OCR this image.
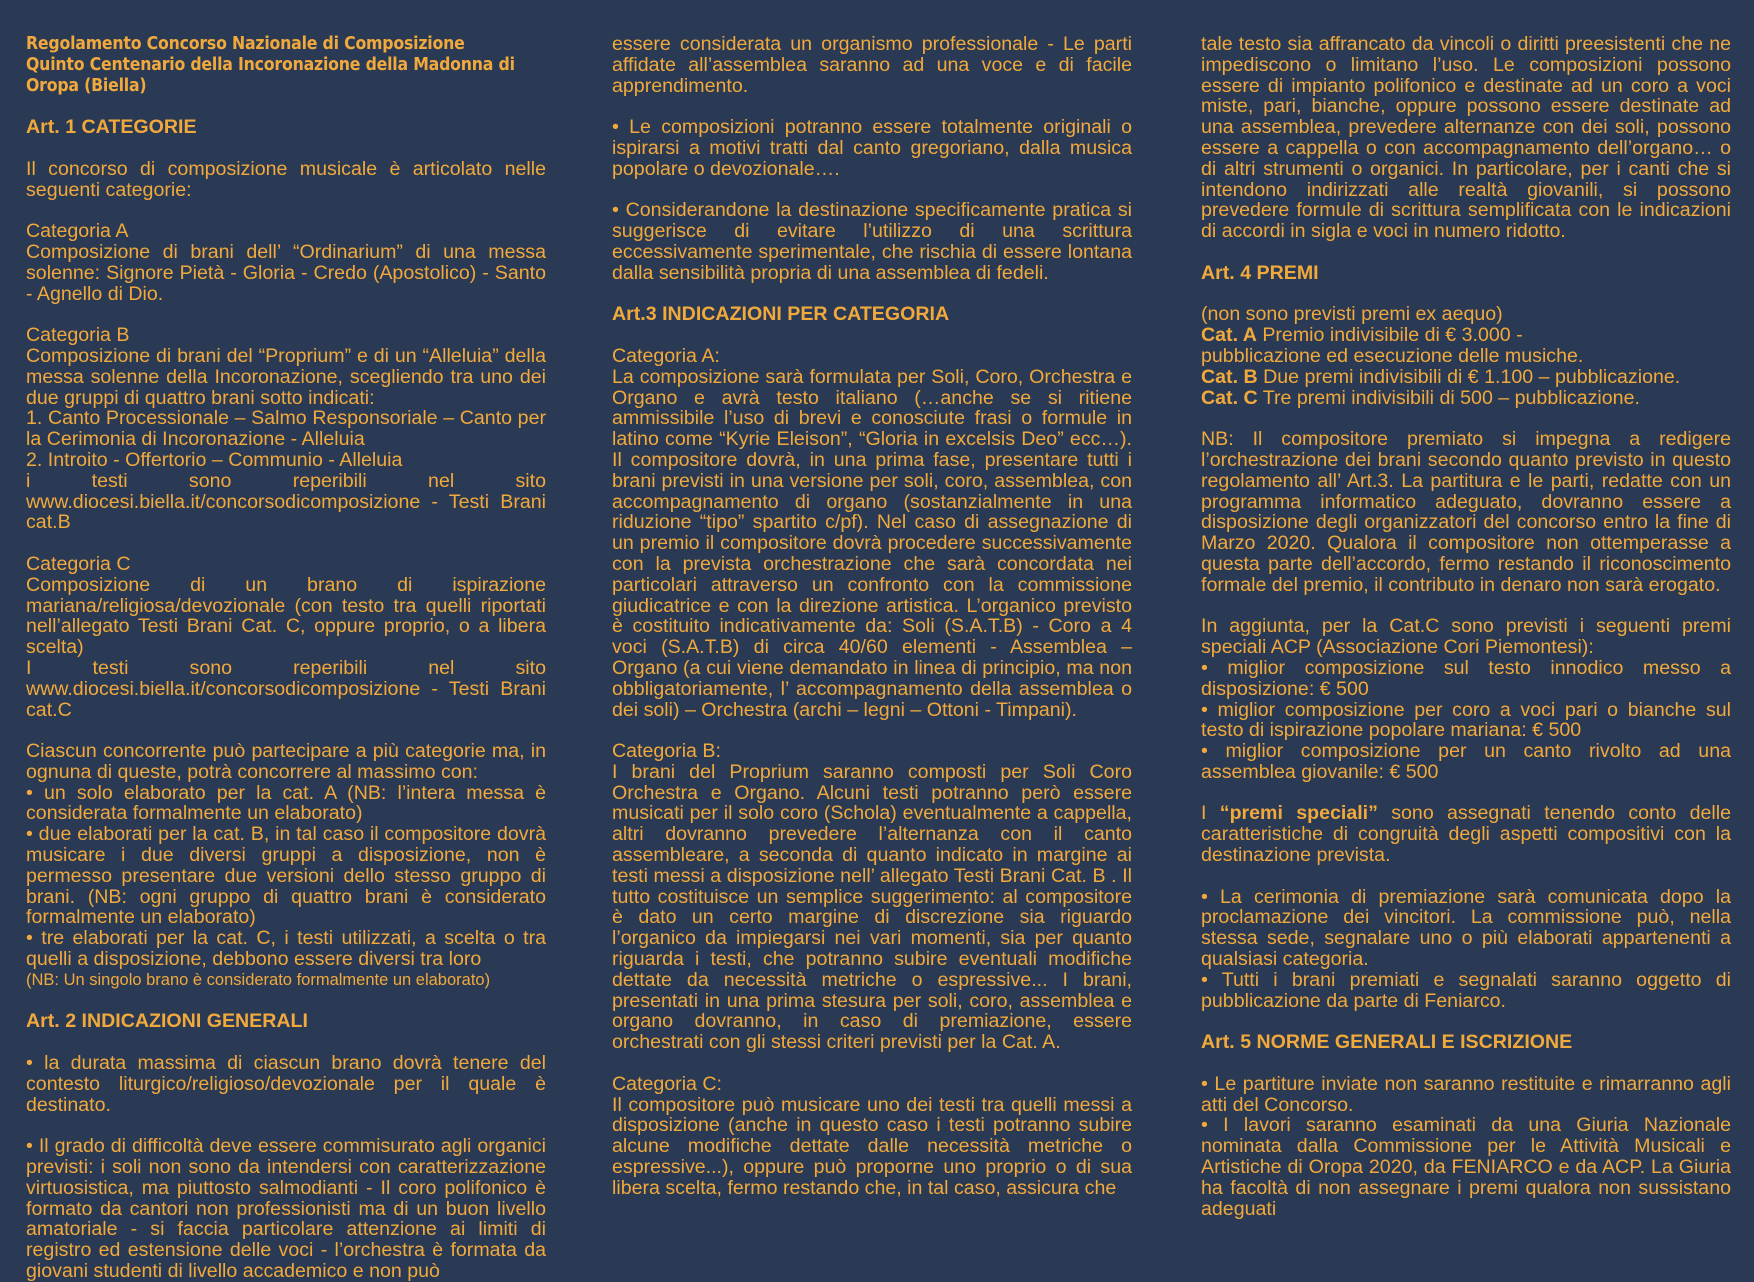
Regolamento Concorso Nazionale di Composizione

Quinto Centenario della Incoronazione della Madonna di

Oropa (Biella)

Art. 1 CATEGORIE

Il concorso di composizione musicale è articolato nelle seguenti categorie:

Categoria A

Composizione di brani dell’ “Ordinarium” di una messa solenne: Signore Pietà - Gloria - Credo (Apostolico) - Santo - Agnello di Dio.

Categoria B

Composizione di brani del “Proprium” e di un “Alleluia” della messa solenne della Incoronazione, scegliendo tra uno dei due gruppi di quattro brani sotto indicati:

1. Canto Processionale – Salmo Responsoriale – Canto per la Cerimonia di Incoronazione - Alleluia

2. Introito - Offertorio – Communio - Alleluia

i testi sono reperibili nel sito www.diocesi.biella.it/concorsodicomposizione - Testi Brani cat.B

Categoria C

Composizione di un brano di ispirazione mariana/religiosa/devozionale (con testo tra quelli riportati nell’allegato Testi Brani Cat. C, oppure proprio, o a libera scelta)

I testi sono reperibili nel sito www.diocesi.biella.it/concorsodicomposizione - Testi Brani cat.C

Ciascun concorrente può partecipare a più categorie ma, in ognuna di queste, potrà concorrere al massimo con:

• un solo elaborato per la cat. A (NB: l’intera messa è considerata formalmente un elaborato)

• due elaborati per la cat. B, in tal caso il compositore dovrà musicare i due diversi gruppi a disposizione, non è permesso presentare due versioni dello stesso gruppo di brani. (NB: ogni gruppo di quattro brani è considerato formalmente un elaborato)

• tre elaborati per la cat. C, i testi utilizzati, a scelta o tra quelli a disposizione, debbono essere diversi tra loro

(NB: Un singolo brano è considerato formalmente un elaborato)

Art. 2 INDICAZIONI GENERALI

• la durata massima di ciascun brano dovrà tenere del contesto liturgico/religioso/devozionale per il quale è destinato.

• Il grado di difficoltà deve essere commisurato agli organici previsti: i soli non sono da intendersi con caratterizzazione virtuosistica, ma piuttosto salmodianti - Il coro polifonico è formato da cantori non professionisti ma di un buon livello amatoriale - si faccia particolare attenzione ai limiti di registro ed estensione delle voci - l’orchestra è formata da giovani studenti di livello accademico e non può

essere considerata un organismo professionale - Le parti affidate all’assemblea saranno ad una voce e di facile apprendimento.

• Le composizioni potranno essere totalmente originali o ispirarsi a motivi tratti dal canto gregoriano, dalla musica popolare o devozionale….

• Considerandone la destinazione specificamente pratica si suggerisce di evitare l’utilizzo di una scrittura eccessivamente sperimentale, che rischia di essere lontana dalla sensibilità propria di una assemblea di fedeli.

Art.3 INDICAZIONI PER CATEGORIA

Categoria A:

La composizione sarà formulata per Soli, Coro, Orchestra e Organo e avrà testo italiano (…anche se si ritiene ammissibile l’uso di brevi e conosciute frasi o formule in latino come “Kyrie Eleison”, “Gloria in excelsis Deo” ecc…). Il compositore dovrà, in una prima fase, presentare tutti i brani previsti in una versione per soli, coro, assemblea, con accompagnamento di organo (sostanzialmente in una riduzione “tipo” spartito c/pf). Nel caso di assegnazione di un premio il compositore dovrà procedere successivamente con la prevista orchestrazione che sarà concordata nei particolari attraverso un confronto con la commissione giudicatrice e con la direzione artistica. L’organico previsto è costituito indicativamente da: Soli (S.A.T.B) - Coro a 4 voci (S.A.T.B) di circa 40/60 elementi - Assemblea – Organo (a cui viene demandato in linea di principio, ma non obbligatoriamente, l’ accompagnamento della assemblea o dei soli) – Orchestra (archi – legni – Ottoni - Timpani).

Categoria B:

I brani del Proprium saranno composti per Soli Coro Orchestra e Organo. Alcuni testi potranno però essere musicati per il solo coro (Schola) eventualmente a cappella, altri dovranno prevedere l’alternanza con il canto assembleare, a seconda di quanto indicato in margine ai testi messi a disposizione nell’ allegato Testi Brani Cat. B . Il tutto costituisce un semplice suggerimento: al compositore è dato un certo margine di discrezione sia riguardo l’organico da impiegarsi nei vari momenti, sia per quanto riguarda i testi, che potranno subire eventuali modifiche dettate da necessità metriche o espressive... I brani, presentati in una prima stesura per soli, coro, assemblea e organo dovranno, in caso di premiazione, essere orchestrati con gli stessi criteri previsti per la Cat. A.

Categoria C:

Il compositore può musicare uno dei testi tra quelli messi a disposizione (anche in questo caso i testi potranno subire alcune modifiche dettate dalle necessità metriche o espressive...), oppure può proporne uno proprio o di sua libera scelta, fermo restando che, in tal caso, assicura che

tale testo sia affrancato da vincoli o diritti preesistenti che ne impediscono o limitano l’uso. Le composizioni possono essere di impianto polifonico e destinate ad un coro a voci miste, pari, bianche, oppure possono essere destinate ad una assemblea, prevedere alternanze con dei soli, possono essere a cappella o con accompagnamento dell’organo… o di altri strumenti o organici. In particolare, per i canti che si intendono indirizzati alle realtà giovanili, si possono prevedere formule di scrittura semplificata con le indicazioni di accordi in sigla e voci in numero ridotto.

Art. 4 PREMI

(non sono previsti premi ex aequo)

Cat. A Premio indivisibile di € 3.000 -

pubblicazione ed esecuzione delle musiche.

Cat. B Due premi indivisibili di € 1.100 – pubblicazione.

Cat. C Tre premi indivisibili di 500 – pubblicazione.

NB: Il compositore premiato si impegna a redigere l’orchestrazione dei brani secondo quanto previsto in questo regolamento all’ Art.3. La partitura e le parti, redatte con un programma informatico adeguato, dovranno essere a disposizione degli organizzatori del concorso entro la fine di Marzo 2020. Qualora il compositore non ottemperasse a questa parte dell’accordo, fermo restando il riconoscimento formale del premio, il contributo in denaro non sarà erogato.

In aggiunta, per la Cat.C sono previsti i seguenti premi speciali ACP (Associazione Cori Piemontesi):

• miglior composizione sul testo innodico messo a disposizione: € 500

• miglior composizione per coro a voci pari o bianche sul testo di ispirazione popolare mariana: € 500

• miglior composizione per un canto rivolto ad una assemblea giovanile: € 500

I “premi speciali” sono assegnati tenendo conto delle caratteristiche di congruità degli aspetti compositivi con la destinazione prevista.

• La cerimonia di premiazione sarà comunicata dopo la proclamazione dei vincitori. La commissione può, nella stessa sede, segnalare uno o più elaborati appartenenti a qualsiasi categoria.

• Tutti i brani premiati e segnalati saranno oggetto di pubblicazione da parte di Feniarco.

Art. 5 NORME GENERALI E ISCRIZIONE

• Le partiture inviate non saranno restituite e rimarranno agli atti del Concorso.

• I lavori saranno esaminati da una Giuria Nazionale nominata dalla Commissione per le Attività Musicali e Artistiche di Oropa 2020, da FENIARCO e da ACP. La Giuria ha facoltà di non assegnare i premi qualora non sussistano adeguati
